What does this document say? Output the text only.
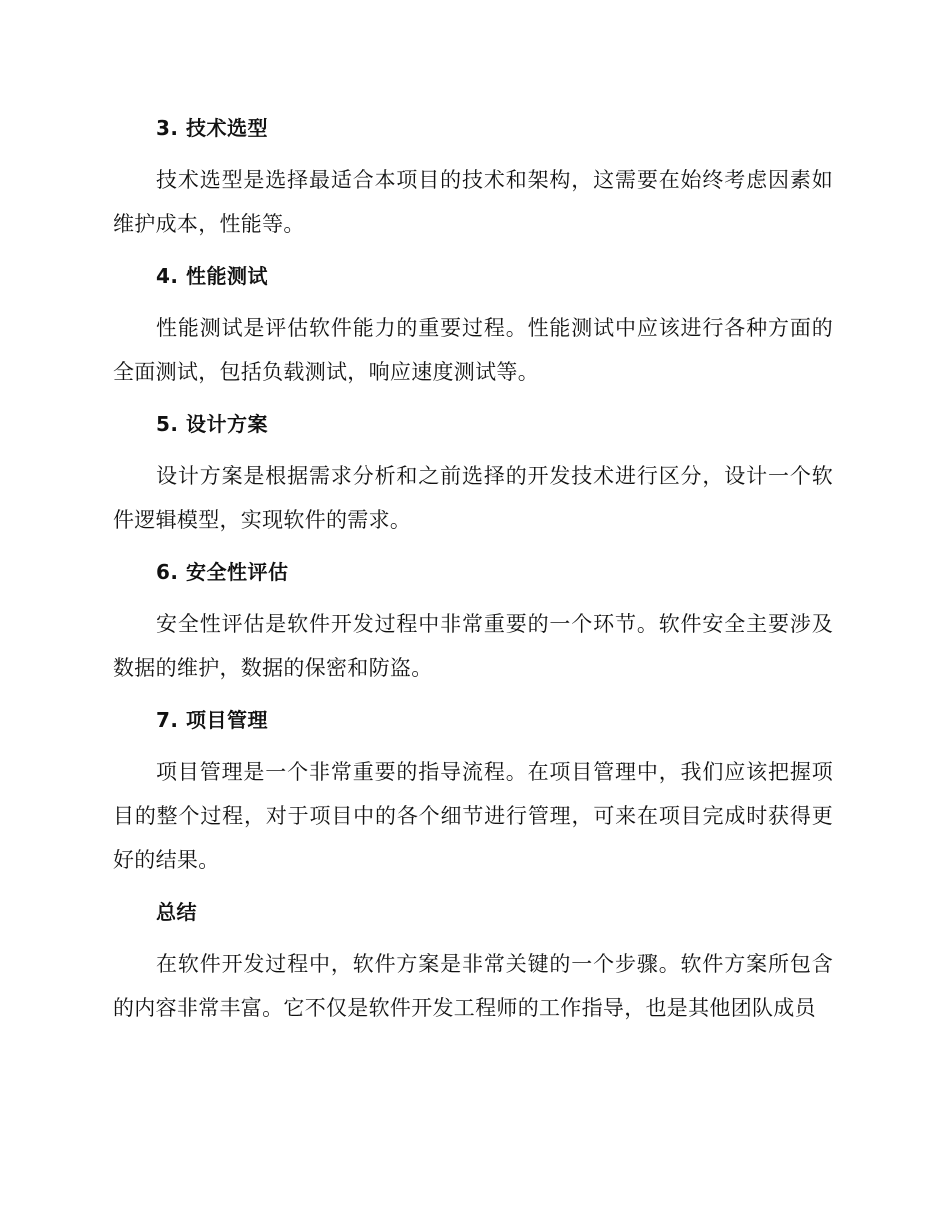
3. 技术选型
技术选型是选择最适合本项目的技术和架构，这需要在始终考虑因素如维护成本，性能等。
4. 性能测试
性能测试是评估软件能力的重要过程。性能测试中应该进行各种方面的全面测试，包括负载测试，响应速度测试等。
5. 设计方案
设计方案是根据需求分析和之前选择的开发技术进行区分，设计一个软件逻辑模型，实现软件的需求。
6. 安全性评估
安全性评估是软件开发过程中非常重要的一个环节。软件安全主要涉及数据的维护，数据的保密和防盗。
7. 项目管理
项目管理是一个非常重要的指导流程。在项目管理中，我们应该把握项目的整个过程，对于项目中的各个细节进行管理，可来在项目完成时获得更好的结果。
总结
在软件开发过程中，软件方案是非常关键的一个步骤。软件方案所包含的内容非常丰富。它不仅是软件开发工程师的工作指导，也是其他团队成员
